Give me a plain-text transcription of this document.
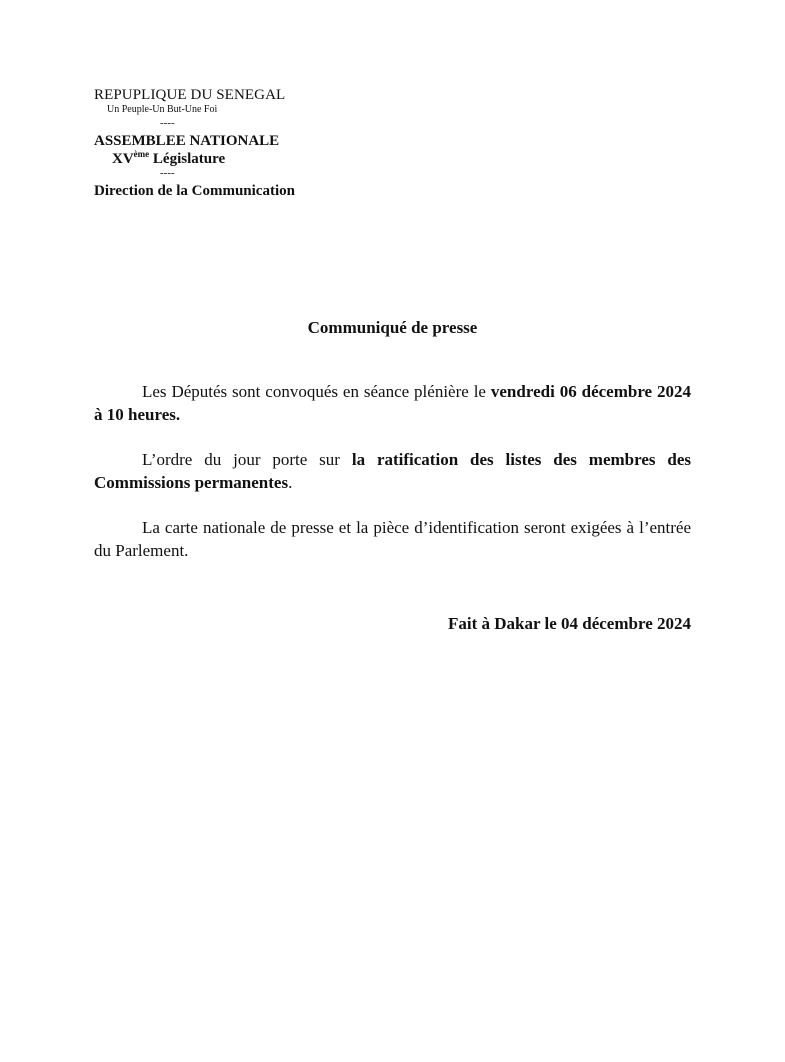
REPUPLIQUE DU SENEGAL
Un Peuple-Un But-Une Foi
----
ASSEMBLEE NATIONALE
XVème Législature
----
Direction de la Communication
Communiqué de presse

Les Députés sont convoqués en séance plénière le vendredi 06 décembre 2024 à 10 heures.

L’ordre du jour porte sur la ratification des listes des membres des Commissions permanentes.

La carte nationale de presse et la pièce d’identification seront exigées à l’entrée du Parlement.

Fait à Dakar le 04 décembre 2024
